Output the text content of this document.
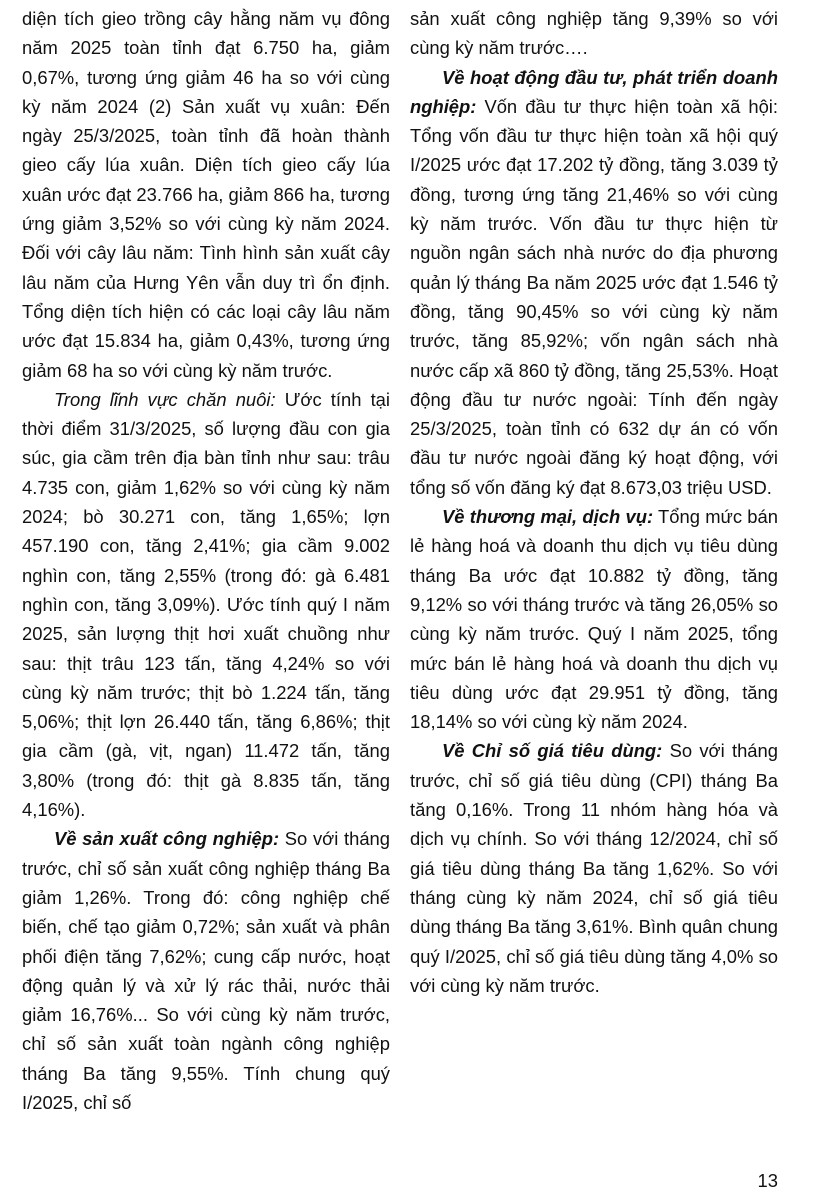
diện tích gieo trồng cây hằng năm vụ đông năm 2025 toàn tỉnh đạt 6.750 ha, giảm 0,67%, tương ứng giảm 46 ha so với cùng kỳ năm 2024 (2) Sản xuất vụ xuân: Đến ngày 25/3/2025, toàn tỉnh đã hoàn thành gieo cấy lúa xuân. Diện tích gieo cấy lúa xuân ước đạt 23.766 ha, giảm 866 ha, tương ứng giảm 3,52% so với cùng kỳ năm 2024. Đối với cây lâu năm: Tình hình sản xuất cây lâu năm của Hưng Yên vẫn duy trì ổn định. Tổng diện tích hiện có các loại cây lâu năm ước đạt 15.834 ha, giảm 0,43%, tương ứng giảm 68 ha so với cùng kỳ năm trước.

Trong lĩnh vực chăn nuôi: Ước tính tại thời điểm 31/3/2025, số lượng đầu con gia súc, gia cầm trên địa bàn tỉnh như sau: trâu 4.735 con, giảm 1,62% so với cùng kỳ năm 2024; bò 30.271 con, tăng 1,65%; lợn 457.190 con, tăng 2,41%; gia cầm 9.002 nghìn con, tăng 2,55% (trong đó: gà 6.481 nghìn con, tăng 3,09%). Ước tính quý I năm 2025, sản lượng thịt hơi xuất chuồng như sau: thịt trâu 123 tấn, tăng 4,24% so với cùng kỳ năm trước; thịt bò 1.224 tấn, tăng 5,06%; thịt lợn 26.440 tấn, tăng 6,86%; thịt gia cầm (gà, vịt, ngan) 11.472 tấn, tăng 3,80% (trong đó: thịt gà 8.835 tấn, tăng 4,16%).

Về sản xuất công nghiệp: So với tháng trước, chỉ số sản xuất công nghiệp tháng Ba giảm 1,26%. Trong đó: công nghiệp chế biến, chế tạo giảm 0,72%; sản xuất và phân phối điện tăng 7,62%; cung cấp nước, hoạt động quản lý và xử lý rác thải, nước thải giảm 16,76%... So với cùng kỳ năm trước, chỉ số sản xuất toàn ngành công nghiệp tháng Ba tăng 9,55%. Tính chung quý I/2025, chỉ số

sản xuất công nghiệp tăng 9,39% so với cùng kỳ năm trước….

Về hoạt động đầu tư, phát triển doanh nghiệp: Vốn đầu tư thực hiện toàn xã hội: Tổng vốn đầu tư thực hiện toàn xã hội quý I/2025 ước đạt 17.202 tỷ đồng, tăng 3.039 tỷ đồng, tương ứng tăng 21,46% so với cùng kỳ năm trước. Vốn đầu tư thực hiện từ nguồn ngân sách nhà nước do địa phương quản lý tháng Ba năm 2025 ước đạt 1.546 tỷ đồng, tăng 90,45% so với cùng kỳ năm trước, tăng 85,92%; vốn ngân sách nhà nước cấp xã 860 tỷ đồng, tăng 25,53%. Hoạt động đầu tư nước ngoài: Tính đến ngày 25/3/2025, toàn tỉnh có 632 dự án có vốn đầu tư nước ngoài đăng ký hoạt động, với tổng số vốn đăng ký đạt 8.673,03 triệu USD.

Về thương mại, dịch vụ: Tổng mức bán lẻ hàng hoá và doanh thu dịch vụ tiêu dùng tháng Ba ước đạt 10.882 tỷ đồng, tăng 9,12% so với tháng trước và tăng 26,05% so cùng kỳ năm trước. Quý I năm 2025, tổng mức bán lẻ hàng hoá và doanh thu dịch vụ tiêu dùng ước đạt 29.951 tỷ đồng, tăng 18,14% so với cùng kỳ năm 2024.

Về Chỉ số giá tiêu dùng: So với tháng trước, chỉ số giá tiêu dùng (CPI) tháng Ba tăng 0,16%. Trong 11 nhóm hàng hóa và dịch vụ chính. So với tháng 12/2024, chỉ số giá tiêu dùng tháng Ba tăng 1,62%. So với tháng cùng kỳ năm 2024, chỉ số giá tiêu dùng tháng Ba tăng 3,61%. Bình quân chung quý I/2025, chỉ số giá tiêu dùng tăng 4,0% so với cùng kỳ năm trước.

13
